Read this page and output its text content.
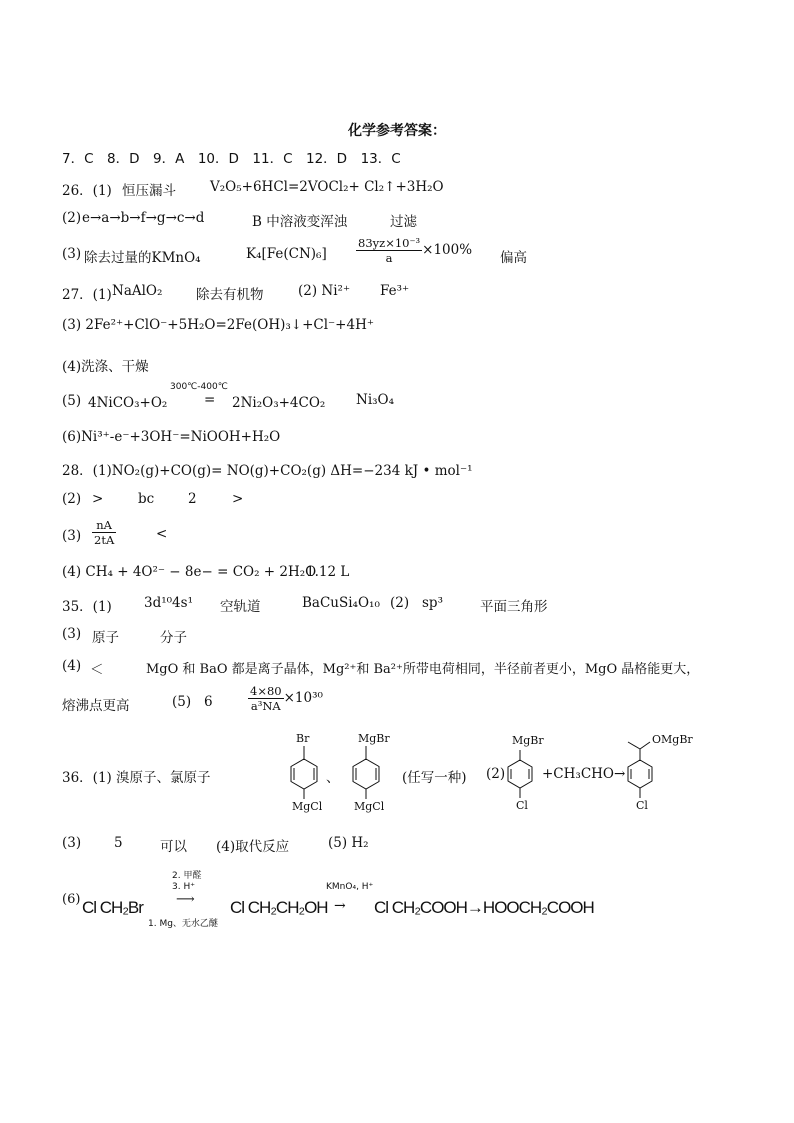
化学参考答案：
7．C　8．D　9．A　10．D　11．C　12．D　13．C
26．(1) 恒压漏斗	V₂O₅+6HCl=2VOCl₂+ Cl₂↑+3H₂O
(2) e→a→b→f→g→c→d	B 中溶液变浑浊	过滤
(3) 除去过量的KMnO₄	K₄[Fe(CN)₆]	$\frac{\text{83yz×10⁻³}}{a} \times 100\%$ 偏高
27．(1) NaAlO₂ 除去有机物	(2) Ni²⁺ Fe³⁺
(3) 2Fe²⁺+ClO⁻+5H₂O=2Fe(OH)₃↓+Cl⁻+4H⁺
(4)洗涤、干燥
(5) 4NiCO₃+O₂
300℃-400℃
= 2Ni₂O₃+4CO₂ Ni₃O₄
(6)Ni³⁺-e⁻+3OH⁻=NiOOH+H₂O
28．(1)NO₂(g)+CO(g)= NO(g)+CO₂(g) ΔH=−234 kJ • mol⁻¹
(2) >	bc	2	>
$(3) \frac{nA}{2tA}$	<
(4) CH₄ + 4O²⁻ − 8e− = CO₂ + 2H₂O
1.12 L
35．(1) 3d¹⁰4s¹ 空轨道	BaCuSi₄O₁₀ (2) sp³	平面三角形
(3) 原子	分子
(4) ＜	MgO 和 BaO 都是离子晶体，Mg²⁺和 Ba²⁺所带电荷相同，半径前者更小，MgO 晶格能更大，
熔沸点更高	(5) 6	$\frac{4\times 80}{\text{a³NA}} \times 10^{30}$
36．(1) 溴原子、氯原子	、	(任写一种) (2)	+CH₃CHO→
Br
MgCl
MgBr
MgCl
MgBr
Cl
OMgBr
Cl
(3) 5	可以 (4)取代反应	(5) H₂
(6) Cl CH₂Br
2. 甲醛
3. H⁺
⟶
1. Mg、无水乙醚
Cl CH₂CH₂OH
KMnO₄, H⁺
→ Cl CH₂COOH→HOOCH₂COOH
